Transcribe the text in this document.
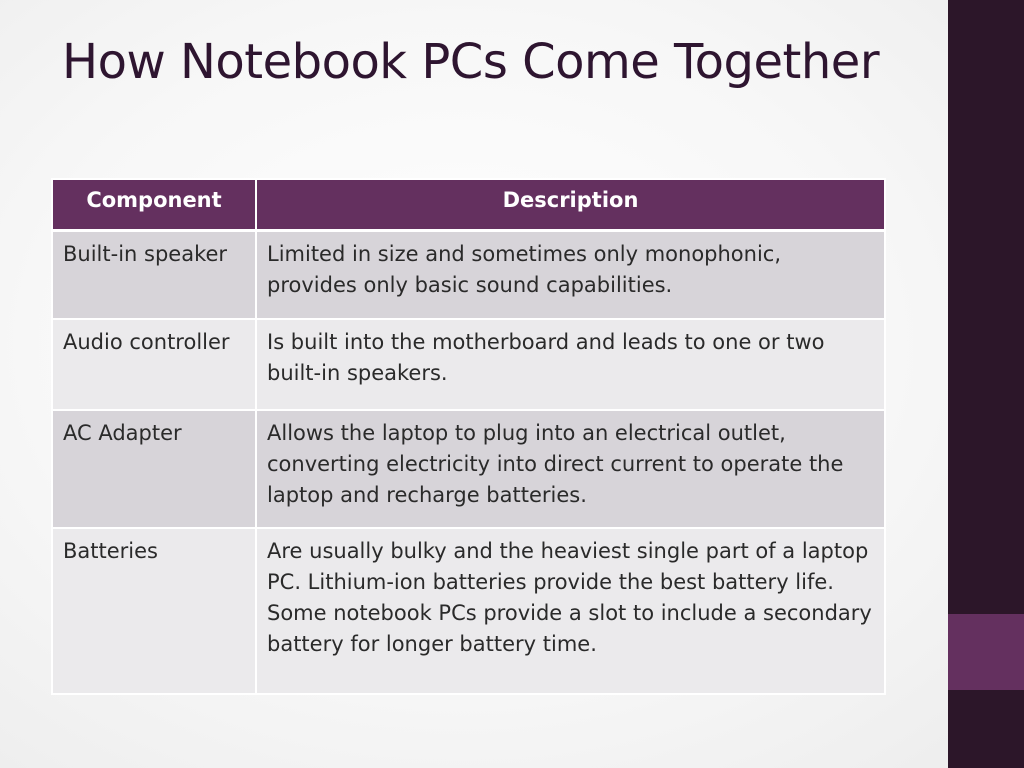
How Notebook PCs Come Together
Component	Description
Built-in speaker	Limited in size and sometimes only monophonic, provides only basic sound capabilities.
Audio controller	Is built into the motherboard and leads to one or two built-in speakers.
AC Adapter	Allows the laptop to plug into an electrical outlet, converting electricity into direct current to operate the laptop and recharge batteries.
Batteries	Are usually bulky and the heaviest single part of a laptop PC. Lithium-ion batteries provide the best battery life. Some notebook PCs provide a slot to include a secondary battery for longer battery time.
